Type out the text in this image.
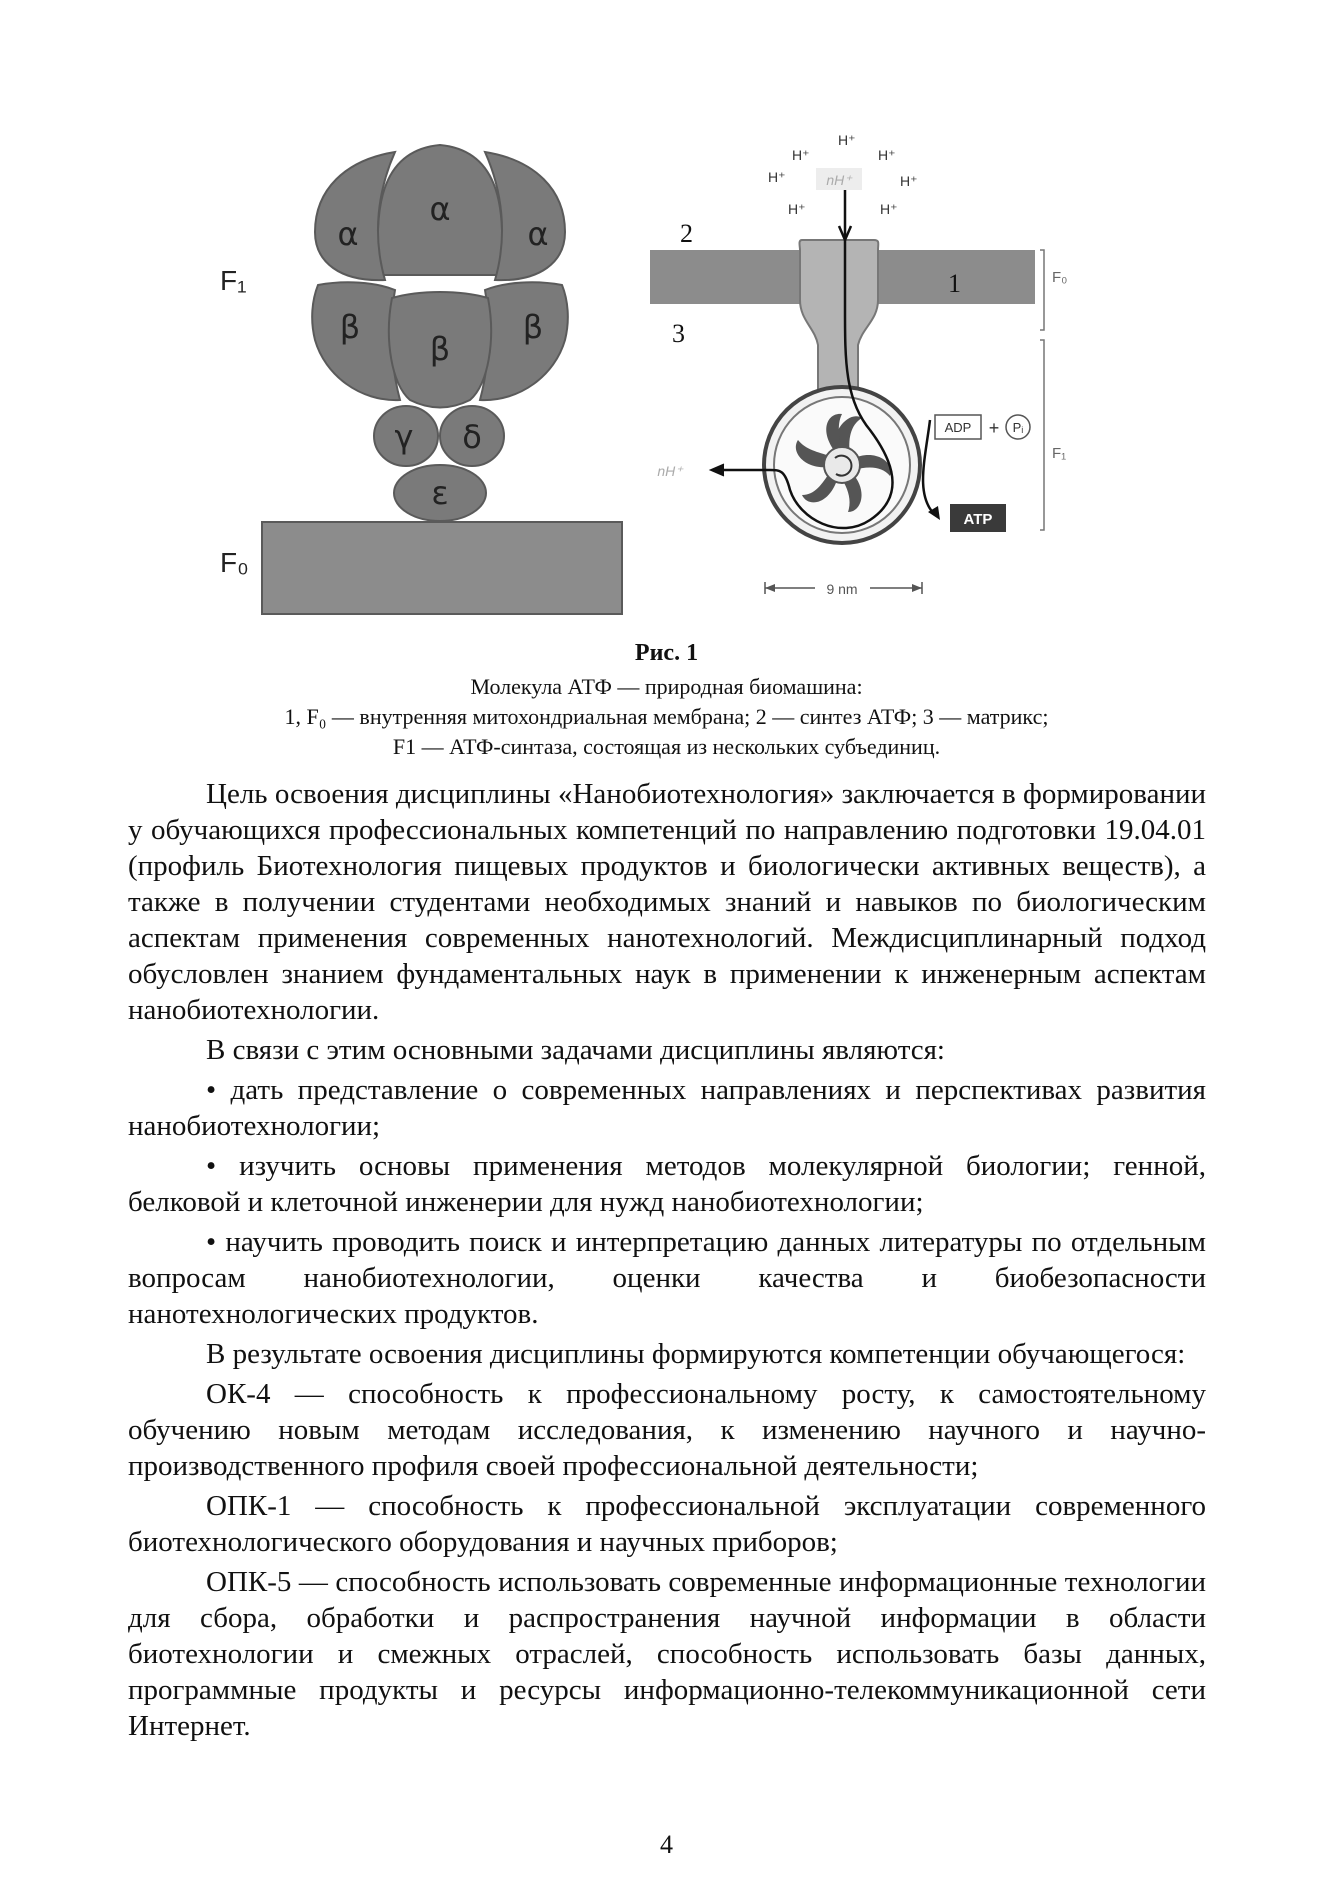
α
α	α
β
β
β
γ δ
ε
F₁
F₀
H⁺
H⁺
H⁺
H⁺	H⁺
H⁺	H⁺
nH⁺
nH⁺
2
1
3
ADP + Pᵢ
ATP
F₀
F₁
9 nm
Рис. 1
Молекула АТФ — природная биомашина:
1, F₀ — внутренняя митохондриальная мембрана; 2 — синтез АТФ; 3 — матрикс;
F1 — АТФ-синтаза, состоящая из нескольких субъединиц.

Цель освоения дисциплины «Нанобиотехнология» заключается в формировании у обучающихся профессиональных компетенций по направлению подготовки 19.04.01 (профиль Биотехнология пищевых продуктов и биологически активных веществ), а также в получении студентами необходимых знаний и навыков по биологическим аспектам применения современных нанотехнологий. Междисциплинарный подход обусловлен знанием фундаментальных наук в применении к инженерным аспектам нанобиотехнологии.

В связи с этим основными задачами дисциплины являются:

• дать представление о современных направлениях и перспективах развития нанобиотехнологии;

• изучить основы применения методов молекулярной биологии; генной, белковой и клеточной инженерии для нужд нанобиотехнологии;

• научить проводить поиск и интерпретацию данных литературы по отдельным вопросам нанобиотехнологии, оценки качества и биобезопасности нанотехнологических продуктов.

В результате освоения дисциплины формируются компетенции обучающегося:

ОК-4 — способность к профессиональному росту, к самостоятельному обучению новым методам исследования, к изменению научного и научно-производственного профиля своей профессиональной деятельности;

ОПК-1 — способность к профессиональной эксплуатации современного биотехнологического оборудования и научных приборов;

ОПК-5 — способность использовать современные информационные технологии для сбора, обработки и распространения научной информации в области биотехнологии и смежных отраслей, способность использовать базы данных, программные продукты и ресурсы информационно-телекоммуникационной сети Интернет.

4
